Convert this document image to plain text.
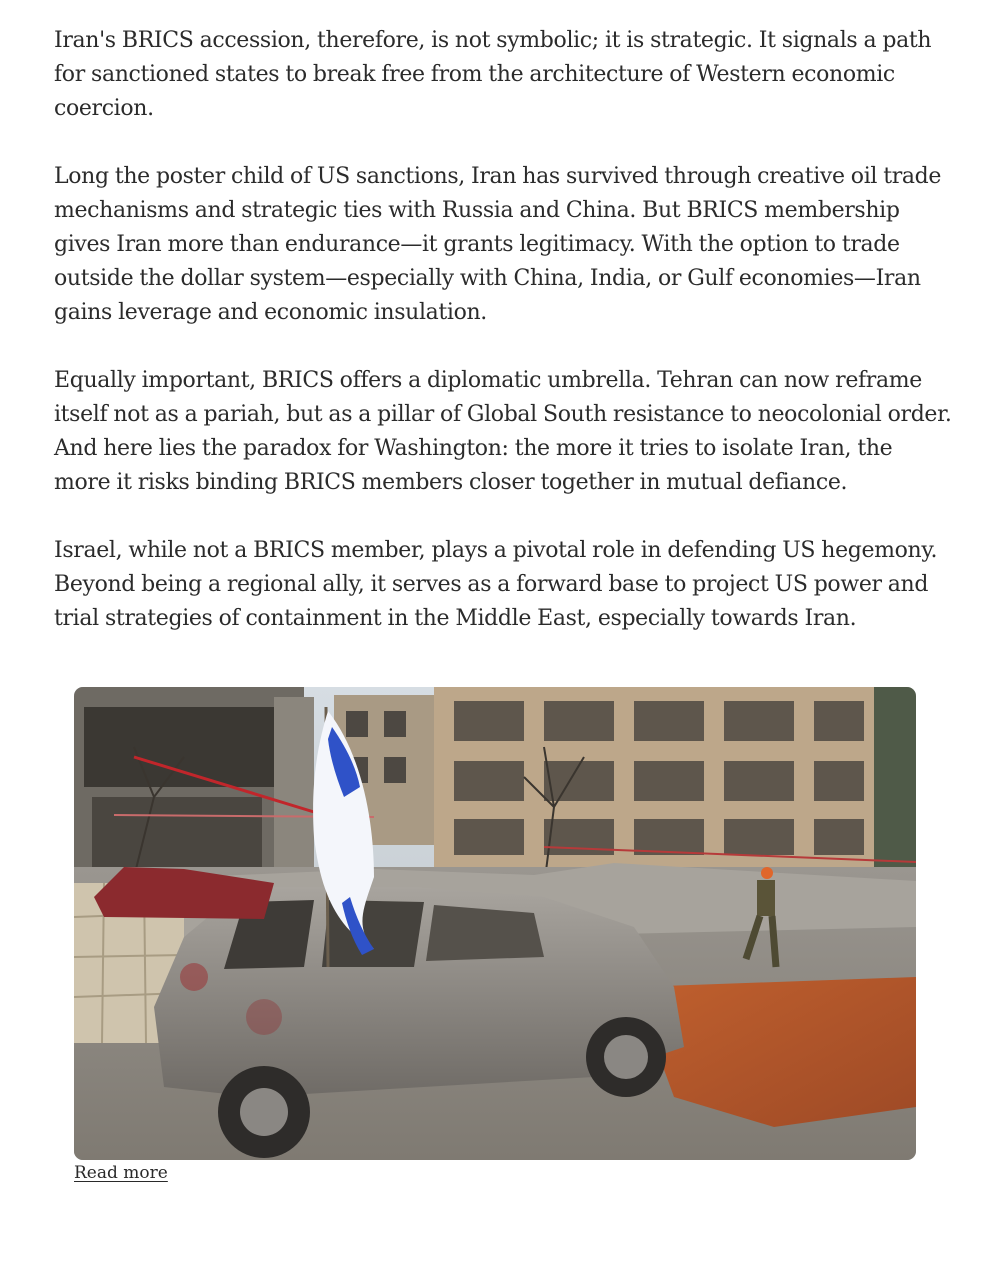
Iran's BRICS accession, therefore, is not symbolic; it is strategic. It signals a path for sanctioned states to break free from the architecture of Western economic coercion.

Long the poster child of US sanctions, Iran has survived through creative oil trade mechanisms and strategic ties with Russia and China. But BRICS membership gives Iran more than endurance—it grants legitimacy. With the option to trade outside the dollar system—especially with China, India, or Gulf economies—Iran gains leverage and economic insulation.

Equally important, BRICS offers a diplomatic umbrella. Tehran can now reframe itself not as a pariah, but as a pillar of Global South resistance to neocolonial order. And here lies the paradox for Washington: the more it tries to isolate Iran, the more it risks binding BRICS members closer together in mutual defiance.

Israel, while not a BRICS member, plays a pivotal role in defending US hegemony. Beyond being a regional ally, it serves as a forward base to project US power and trial strategies of containment in the Middle East, especially towards Iran.

Read more
